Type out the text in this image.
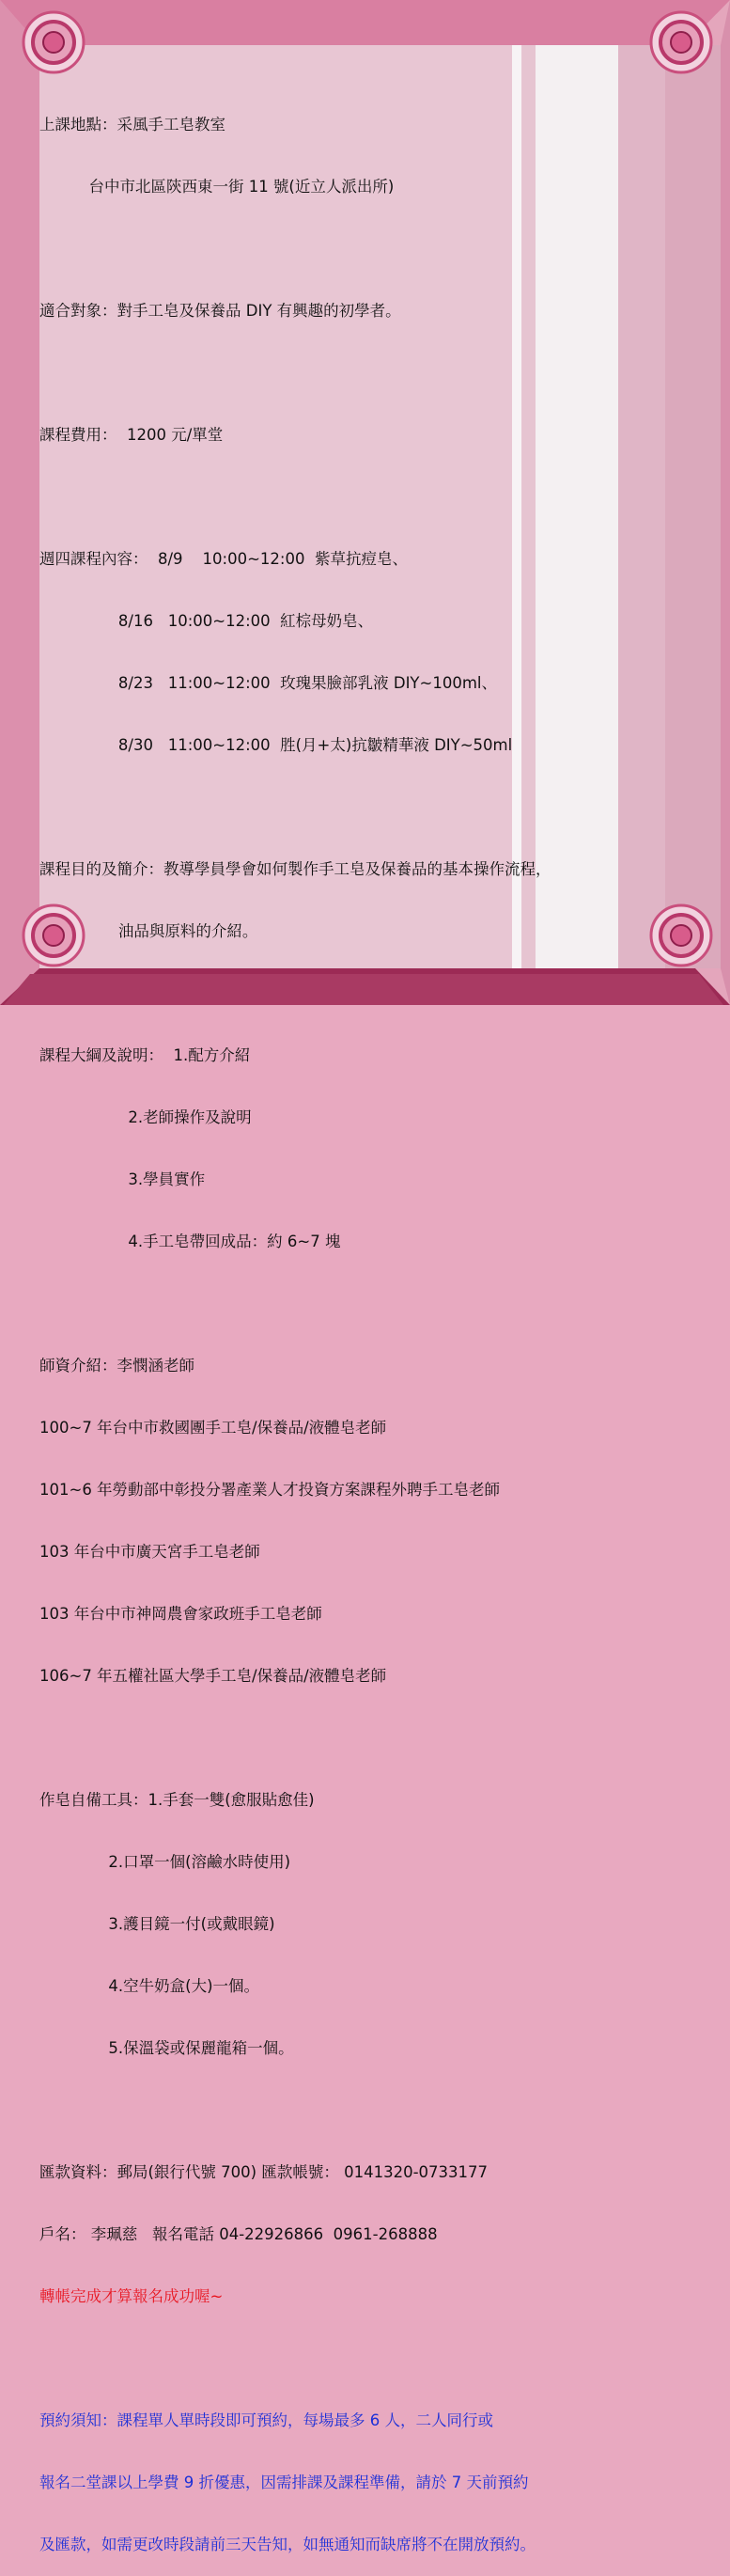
上課地點：采風手工皂教室

台中市北區陝西東一街 11 號(近立人派出所)

適合對象：對手工皂及保養品 DIY 有興趣的初學者。

課程費用：  1200 元/單堂

週四課程內容：  8/9    10:00~12:00  紫草抗痘皂、

8/16   10:00~12:00  紅棕母奶皂、

8/23   11:00~12:00  玫瑰果臉部乳液 DIY~100ml、

8/30   11:00~12:00  胜(月+太)抗皺精華液 DIY~50ml

課程目的及簡介：教導學員學會如何製作手工皂及保養品的基本操作流程，

油品與原料的介紹。

課程大綱及說明：  1.配方介紹

2.老師操作及說明

3.學員實作

4.手工皂帶回成品：約 6~7 塊

師資介紹：李憫涵老師

100~7 年台中市救國團手工皂/保養品/液體皂老師

101~6 年勞動部中彰投分署產業人才投資方案課程外聘手工皂老師

103 年台中市廣天宮手工皂老師

103 年台中市神岡農會家政班手工皂老師

106~7 年五權社區大學手工皂/保養品/液體皂老師

作皂自備工具：1.手套一雙(愈服貼愈佳)

2.口罩一個(溶鹼水時使用)

3.護目鏡一付(或戴眼鏡)

4.空牛奶盒(大)一個。

5.保溫袋或保麗龍箱一個。

匯款資料：郵局(銀行代號 700) 匯款帳號： 0141320-0733177

戶名： 李珮慈   報名電話 04-22926866  0961-268888

轉帳完成才算報名成功喔~

預約須知：課程單人單時段即可預約，每場最多 6 人，二人同行或

報名二堂課以上學費 9 折優惠，因需排課及課程準備，請於 7 天前預約

及匯款，如需更改時段請前三天告知，如無通知而缺席將不在開放預約。
